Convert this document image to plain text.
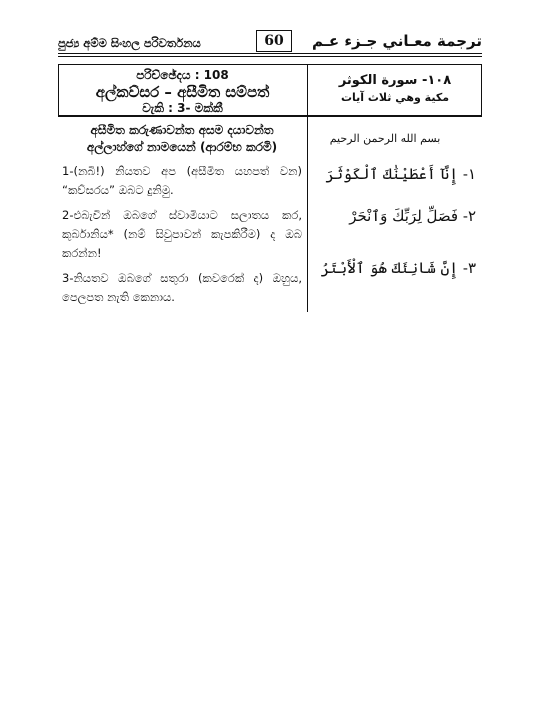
පුජ්‍ය අම්ම සිංහල පරිවර්තනය	60	ترجمة معـاني جـزء عـم
පරිච්ඡේදය : 108
අල්කව්සර – අසීමිත සම්පත්
වැකි : 3- මක්කී
١٠٨- سورة الكوثر
مكية وهي ثلاث آيات
අසීමිත කරුණාවන්ත අසම දයාවන්ත
අල්ලාහ්ගේ නාමයෙන් (ආරම්භ කරමි)

1-(නබි!) නියතව අප (අසීමිත යහපත් වන) “කව්සරය” ඔබට දුනිමු.

2-එබැවින් ඔබගේ ස්වාමියාට සලාතය කර, කුර්බානිය* (නම් සිවුපාවන් කැපකිරීම) ද ඔබ කරන්න!

3-නියතව ඔබගේ සතුරා (කවරෙක් ද) ඔහුය, පෙලපත නැති කෙනාය.

بسم الله الرحمن الرحيم
١- إِنَّآ أَعْطَيْنَٰكَ ٱلْكَوْثَرَ
٢- فَصَلِّ لِرَبِّكَ وَٱنْحَرْ
٣- إِنَّ شَانِئَكَ هُوَ ٱلْأَبْتَرُ
